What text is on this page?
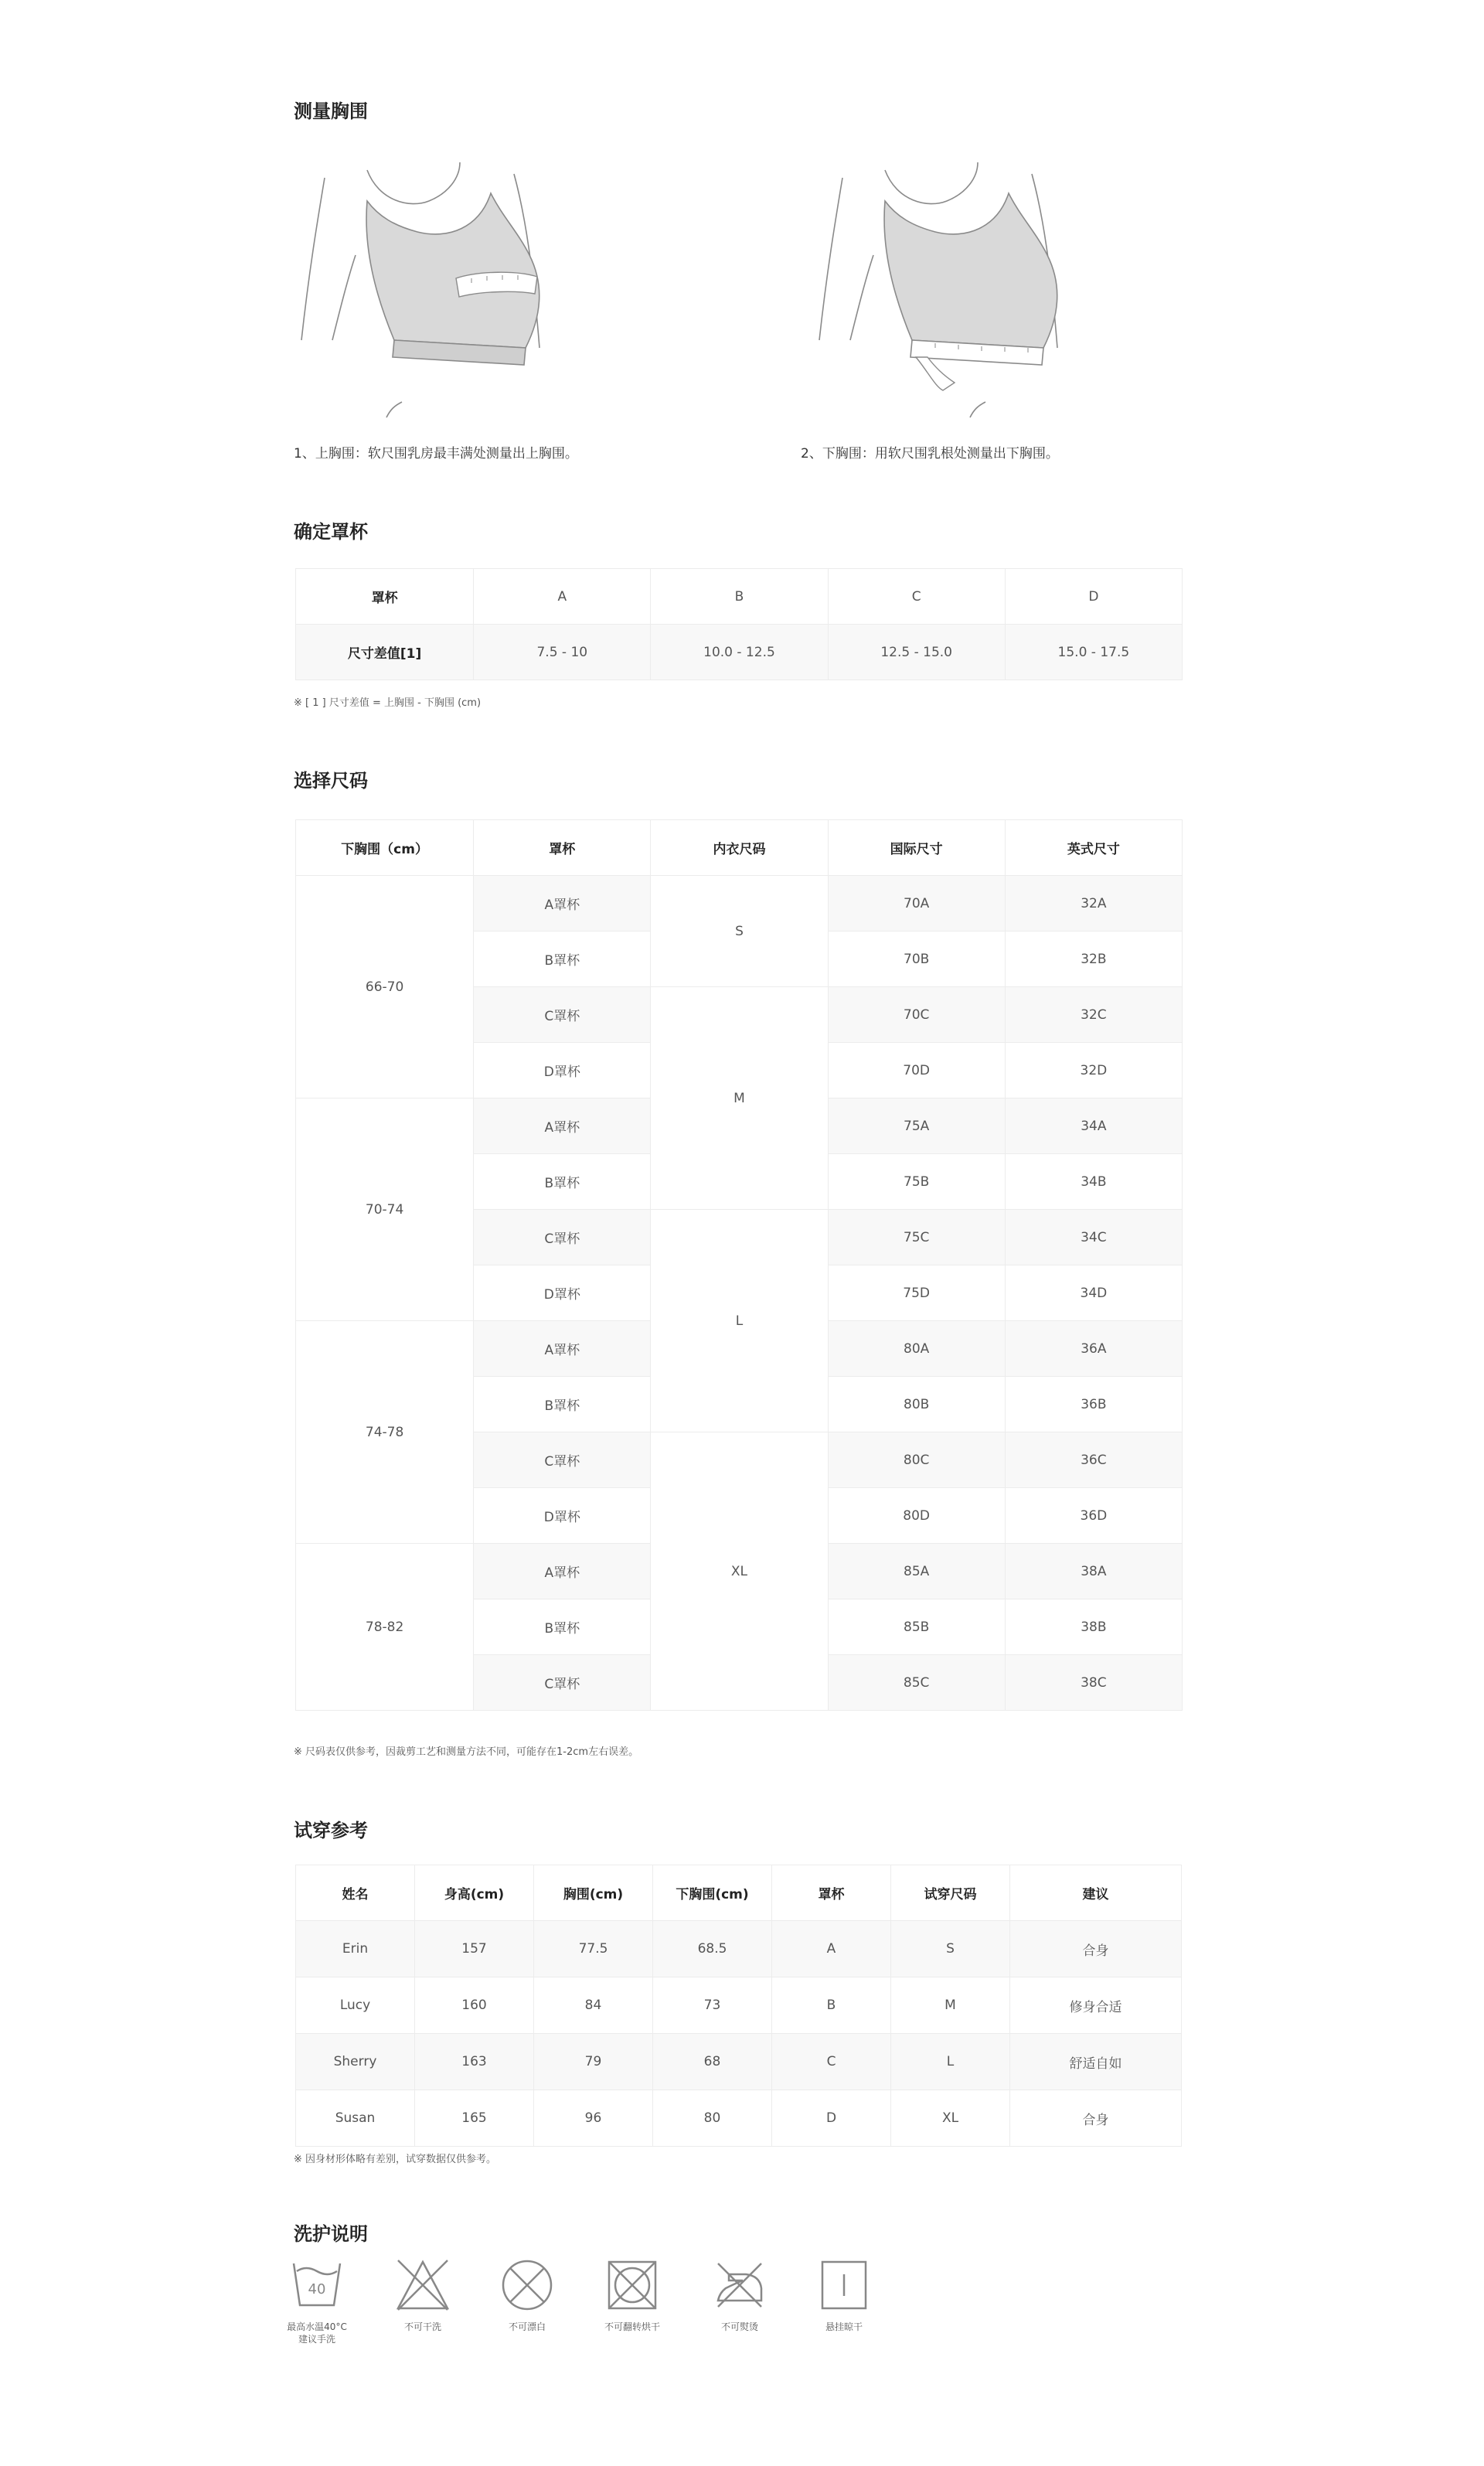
测量胸围
1、上胸围：软尺围乳房最丰满处测量出上胸围。	2、下胸围：用软尺围乳根处测量出下胸围。
确定罩杯
罩杯	A	B	C	D
尺寸差值[1]	7.5 - 10	10.0 - 12.5	12.5 - 15.0	15.0 - 17.5
※ [ 1 ] 尺寸差值 = 上胸围 - 下胸围 (cm)
选择尺码
下胸围（cm）	罩杯	内衣尺码	国际尺寸	英式尺寸
66-70	A罩杯	S	70A	32A
	B罩杯		70B	32B
	C罩杯	M	70C	32C
	D罩杯		70D	32D
70-74	A罩杯		75A	34A
	B罩杯		75B	34B
	C罩杯	L	75C	34C
	D罩杯		75D	34D
74-78	A罩杯		80A	36A
	B罩杯		80B	36B
	C罩杯	XL	80C	36C
	D罩杯		80D	36D
78-82	A罩杯		85A	38A
	B罩杯		85B	38B
	C罩杯		85C	38C
※ 尺码表仅供参考，因裁剪工艺和测量方法不同，可能存在1-2cm左右误差。
试穿参考
姓名	身高(cm)	胸围(cm)	下胸围(cm)	罩杯	试穿尺码	建议
Erin	157	77.5	68.5	A	S	合身
Lucy	160	84	73	B	M	修身合适
Sherry	163	79	68	C	L	舒适自如
Susan	165	96	80	D	XL	合身
※ 因身材形体略有差别，试穿数据仅供参考。
洗护说明
40
最高水温40°C
建议手洗
不可干洗	不可漂白	不可翻转烘干	不可熨烫	悬挂晾干
